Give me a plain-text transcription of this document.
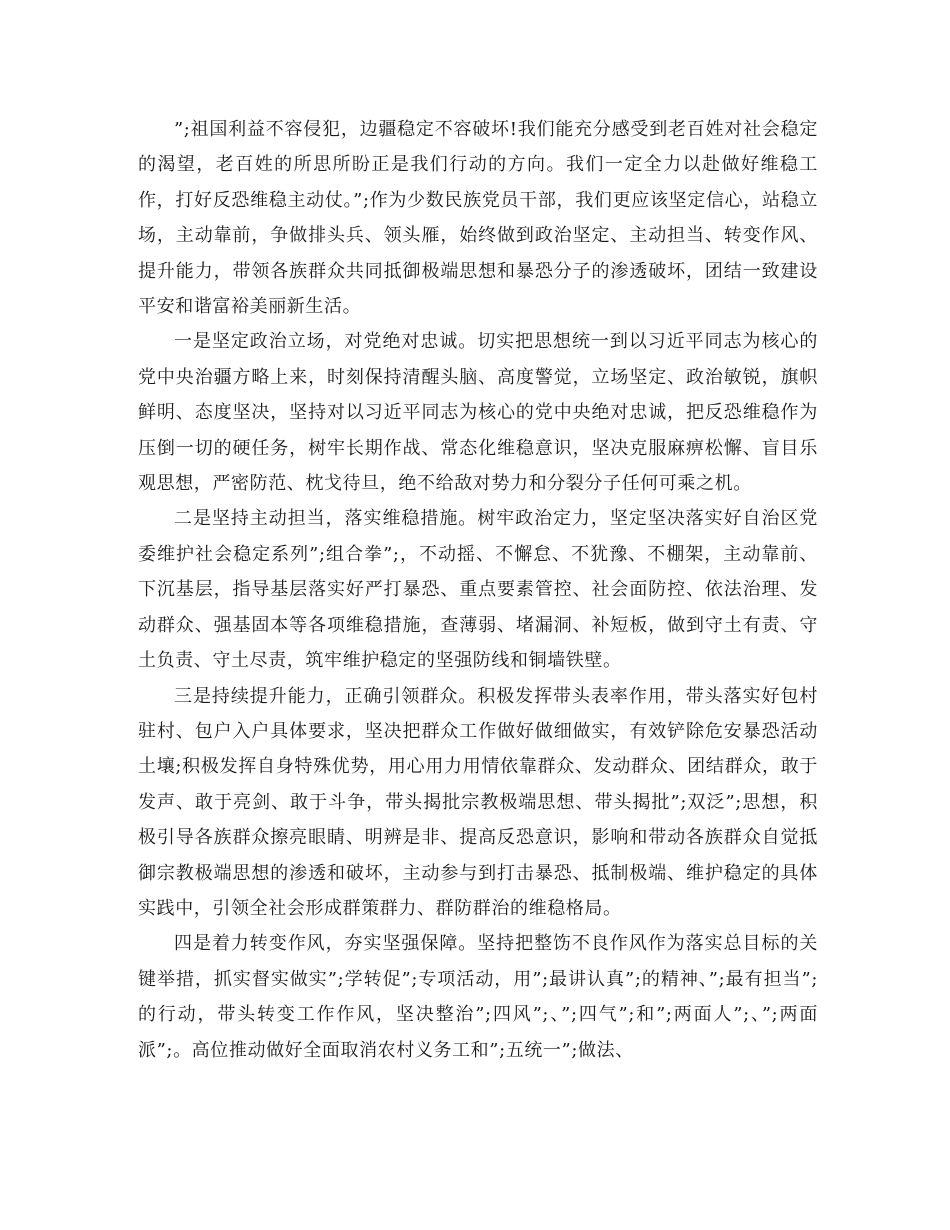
”;祖国利益不容侵犯，边疆稳定不容破坏!我们能充分感受到老百姓对社会稳定的渴望，老百姓的所思所盼正是我们行动的方向。我们一定全力以赴做好维稳工作，打好反恐维稳主动仗。”;作为少数民族党员干部，我们更应该坚定信心，站稳立场，主动靠前，争做排头兵、领头雁，始终做到政治坚定、主动担当、转变作风、提升能力，带领各族群众共同抵御极端思想和暴恐分子的渗透破坏，团结一致建设平安和谐富裕美丽新生活。

一是坚定政治立场，对党绝对忠诚。切实把思想统一到以习近平同志为核心的党中央治疆方略上来，时刻保持清醒头脑、高度警觉，立场坚定、政治敏锐，旗帜鲜明、态度坚决，坚持对以习近平同志为核心的党中央绝对忠诚，把反恐维稳作为压倒一切的硬任务，树牢长期作战、常态化维稳意识，坚决克服麻痹松懈、盲目乐观思想，严密防范、枕戈待旦，绝不给敌对势力和分裂分子任何可乘之机。

二是坚持主动担当，落实维稳措施。树牢政治定力，坚定坚决落实好自治区党委维护社会稳定系列”;组合拳”;，不动摇、不懈怠、不犹豫、不棚架，主动靠前、下沉基层，指导基层落实好严打暴恐、重点要素管控、社会面防控、依法治理、发动群众、强基固本等各项维稳措施，查薄弱、堵漏洞、补短板，做到守土有责、守土负责、守土尽责，筑牢维护稳定的坚强防线和铜墙铁壁。

三是持续提升能力，正确引领群众。积极发挥带头表率作用，带头落实好包村驻村、包户入户具体要求，坚决把群众工作做好做细做实，有效铲除危安暴恐活动土壤;积极发挥自身特殊优势，用心用力用情依靠群众、发动群众、团结群众，敢于发声、敢于亮剑、敢于斗争，带头揭批宗教极端思想、带头揭批”;双泛”;思想，积极引导各族群众擦亮眼睛、明辨是非、提高反恐意识，影响和带动各族群众自觉抵御宗教极端思想的渗透和破坏，主动参与到打击暴恐、抵制极端、维护稳定的具体实践中，引领全社会形成群策群力、群防群治的维稳格局。

四是着力转变作风，夯实坚强保障。坚持把整饬不良作风作为落实总目标的关键举措，抓实督实做实”;学转促”;专项活动，用”;最讲认真”;的精神、”;最有担当”;的行动，带头转变工作作风，坚决整治”;四风”;、”;四气”;和”;两面人”;、”;两面派”;。高位推动做好全面取消农村义务工和”;五统一”;做法、
